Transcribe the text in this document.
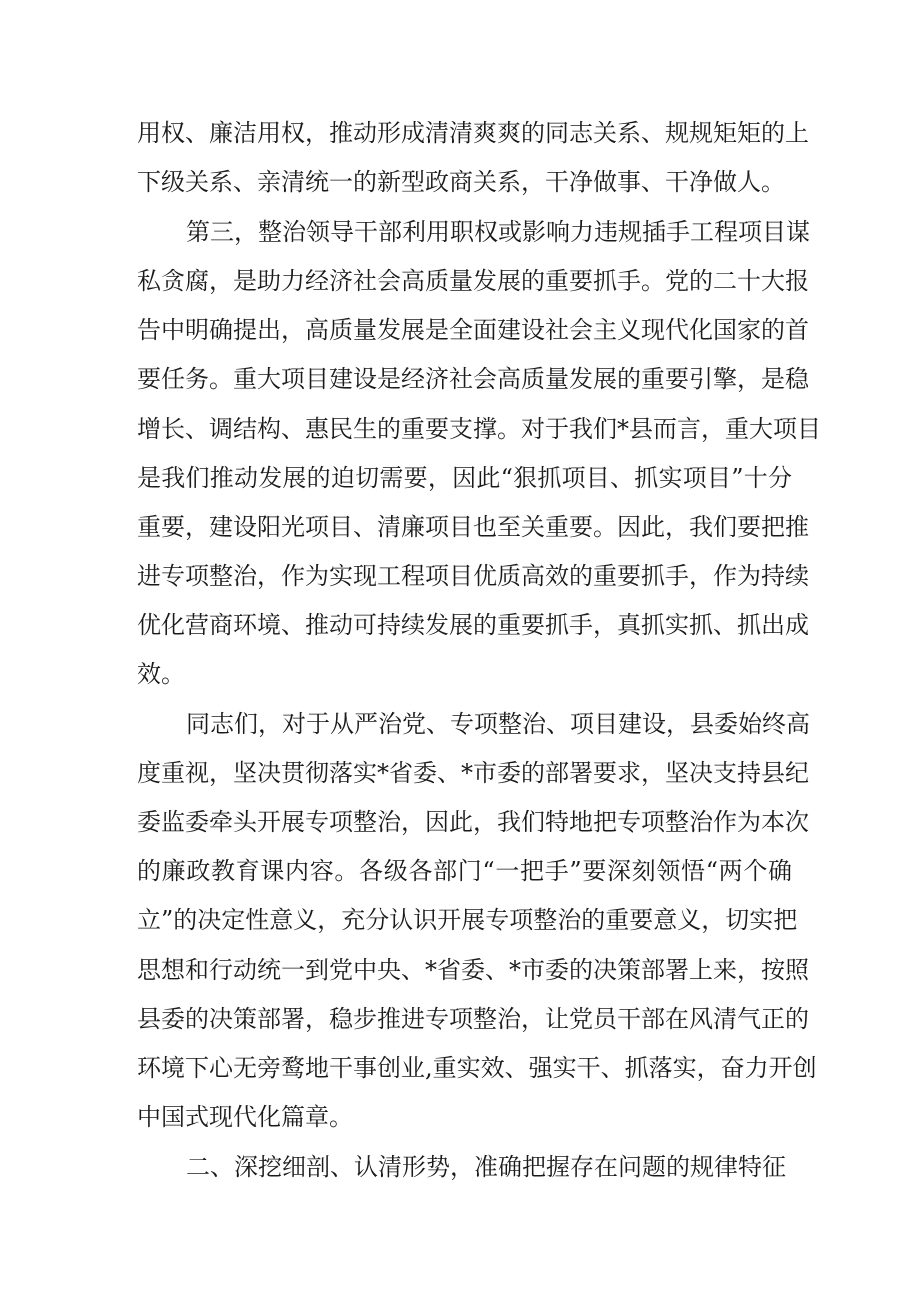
用权、廉洁用权，推动形成清清爽爽的同志关系、规规矩矩的上
下级关系、亲清统一的新型政商关系，干净做事、干净做人。
第三，整治领导干部利用职权或影响力违规插手工程项目谋
私贪腐，是助力经济社会高质量发展的重要抓手。党的二十大报
告中明确提出，高质量发展是全面建设社会主义现代化国家的首
要任务。重大项目建设是经济社会高质量发展的重要引擎，是稳
增长、调结构、惠民生的重要支撑。对于我们*县而言，重大项目
是我们推动发展的迫切需要，因此“狠抓项目、抓实项目”十分
重要，建设阳光项目、清廉项目也至关重要。因此，我们要把推
进专项整治，作为实现工程项目优质高效的重要抓手，作为持续
优化营商环境、推动可持续发展的重要抓手，真抓实抓、抓出成
效。
同志们，对于从严治党、专项整治、项目建设，县委始终高
度重视，坚决贯彻落实*省委、*市委的部署要求，坚决支持县纪
委监委牵头开展专项整治，因此，我们特地把专项整治作为本次
的廉政教育课内容。各级各部门“一把手”要深刻领悟“两个确
立”的决定性意义，充分认识开展专项整治的重要意义，切实把
思想和行动统一到党中央、*省委、*市委的决策部署上来，按照
县委的决策部署，稳步推进专项整治，让党员干部在风清气正的
环境下心无旁鹜地干事创业,重实效、强实干、抓落实，奋力开创
中国式现代化篇章。
二、深挖细剖、认清形势，准确把握存在问题的规律特征
